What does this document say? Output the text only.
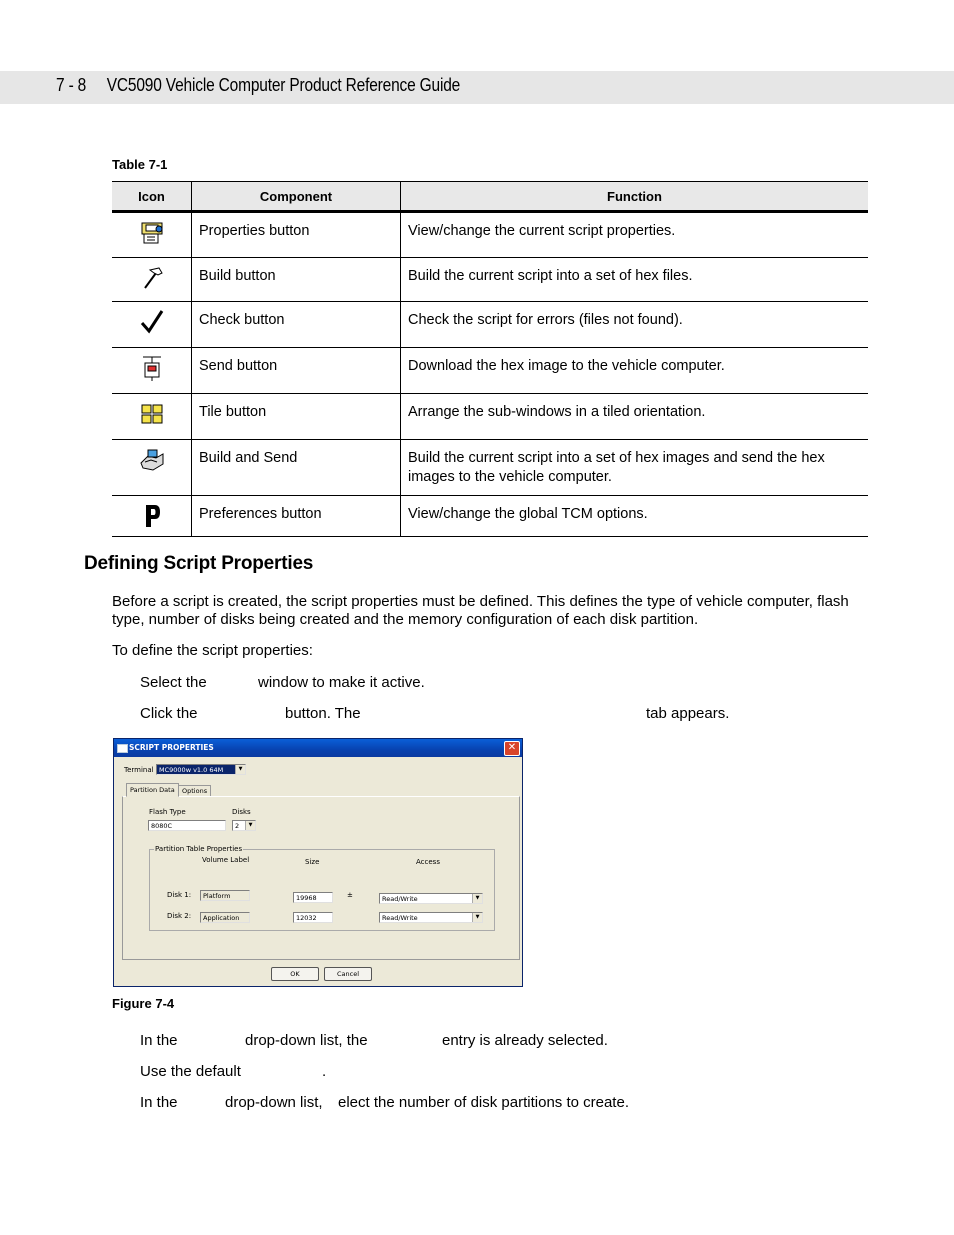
7 - 8 VC5090 Vehicle Computer Product Reference Guide
Table 7-1
Icon	Component	Function
	Properties button	View/change the current script properties.
	Build button	Build the current script into a set of hex files.
	Check button	Check the script for errors (files not found).
	Send button	Download the hex image to the vehicle computer.
	Tile button	Arrange the sub-windows in a tiled orientation.
	Build and Send	Build the current script into a set of hex images and send the hex images to the vehicle computer.
	Preferences button	View/change the global TCM options.
Defining Script Properties

Before a script is created, the script properties must be defined. This defines the type of vehicle computer, flash type, number of disks being created and the memory configuration of each disk partition.

To define the script properties:

Select the	window to make it active.
Click the	button. The	tab appears.
SCRIPT PROPERTIES	✕
Terminal MC9000w v1.0 64M	▼
Partition Data	Options
Flash Type
8080C
Disks
2	▼
Partition Table Properties
Volume Label	Size	Access
Disk 1:	Platform	19968	±	Read/Write	▼
Disk 2:	Application	12032	Read/Write	▼
OK	Cancel
Figure 7-4
In the	drop-down list, the	entry is already selected.
Use the default	.
In the	drop-down list, elect the number of disk partitions to create.
